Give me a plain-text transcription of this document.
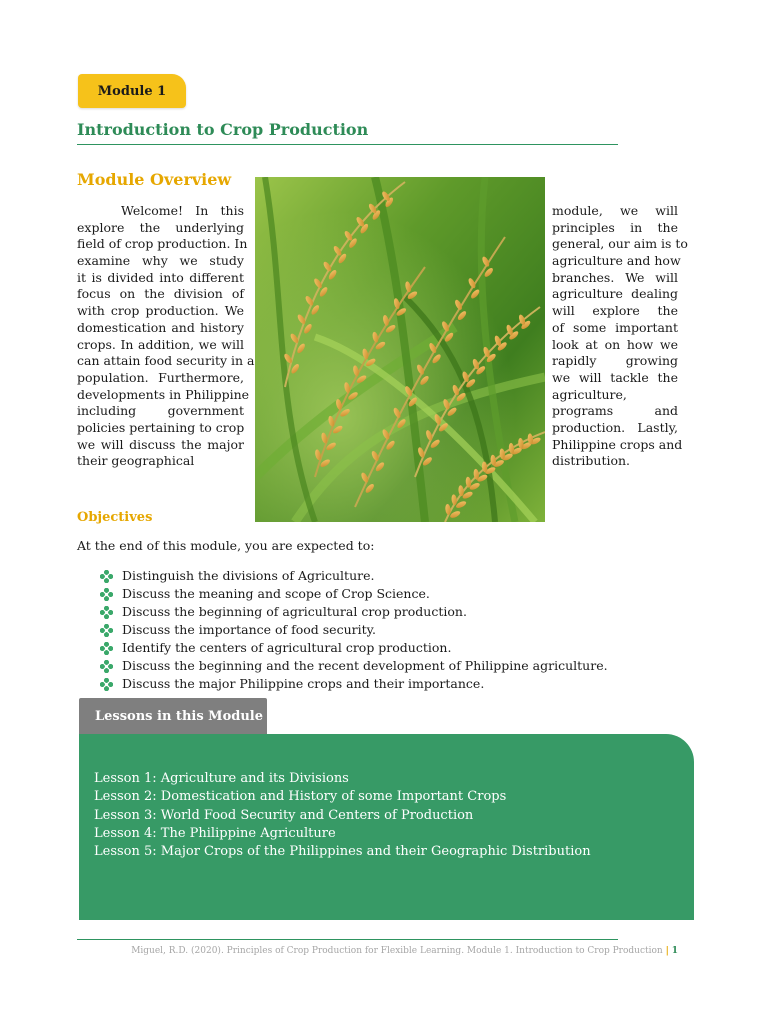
Module 1
Introduction to Crop Production
Module Overview
Welcome! In this
explore the underlying
field of crop production. In
examine why we study
it is divided into different
focus on the division of
with crop production. We
domestication and history
crops. In addition, we will
can attain food security in a
population. Furthermore,
developments in Philippine
including government
policies pertaining to crop
we will discuss the major
their geographical
module, we will
principles in the
general, our aim is to
agriculture and how
branches. We will
agriculture dealing
will explore the
of some important
look at on how we
rapidly growing
we will tackle the
agriculture,
programs and
production. Lastly,
Philippine crops and
distribution.
Objectives
At the end of this module, you are expected to:
Distinguish the divisions of Agriculture.
Discuss the meaning and scope of Crop Science.
Discuss the beginning of agricultural crop production.
Discuss the importance of food security.
Identify the centers of agricultural crop production.
Discuss the beginning and the recent development of Philippine agriculture.
Discuss the major Philippine crops and their importance.
Lessons in this Module
Lesson 1: Agriculture and its Divisions
Lesson 2: Domestication and History of some Important Crops
Lesson 3: World Food Security and Centers of Production
Lesson 4: The Philippine Agriculture
Lesson 5: Major Crops of the Philippines and their Geographic Distribution
Miguel, R.D. (2020). Principles of Crop Production for Flexible Learning. Module 1. Introduction to Crop Production | 1
